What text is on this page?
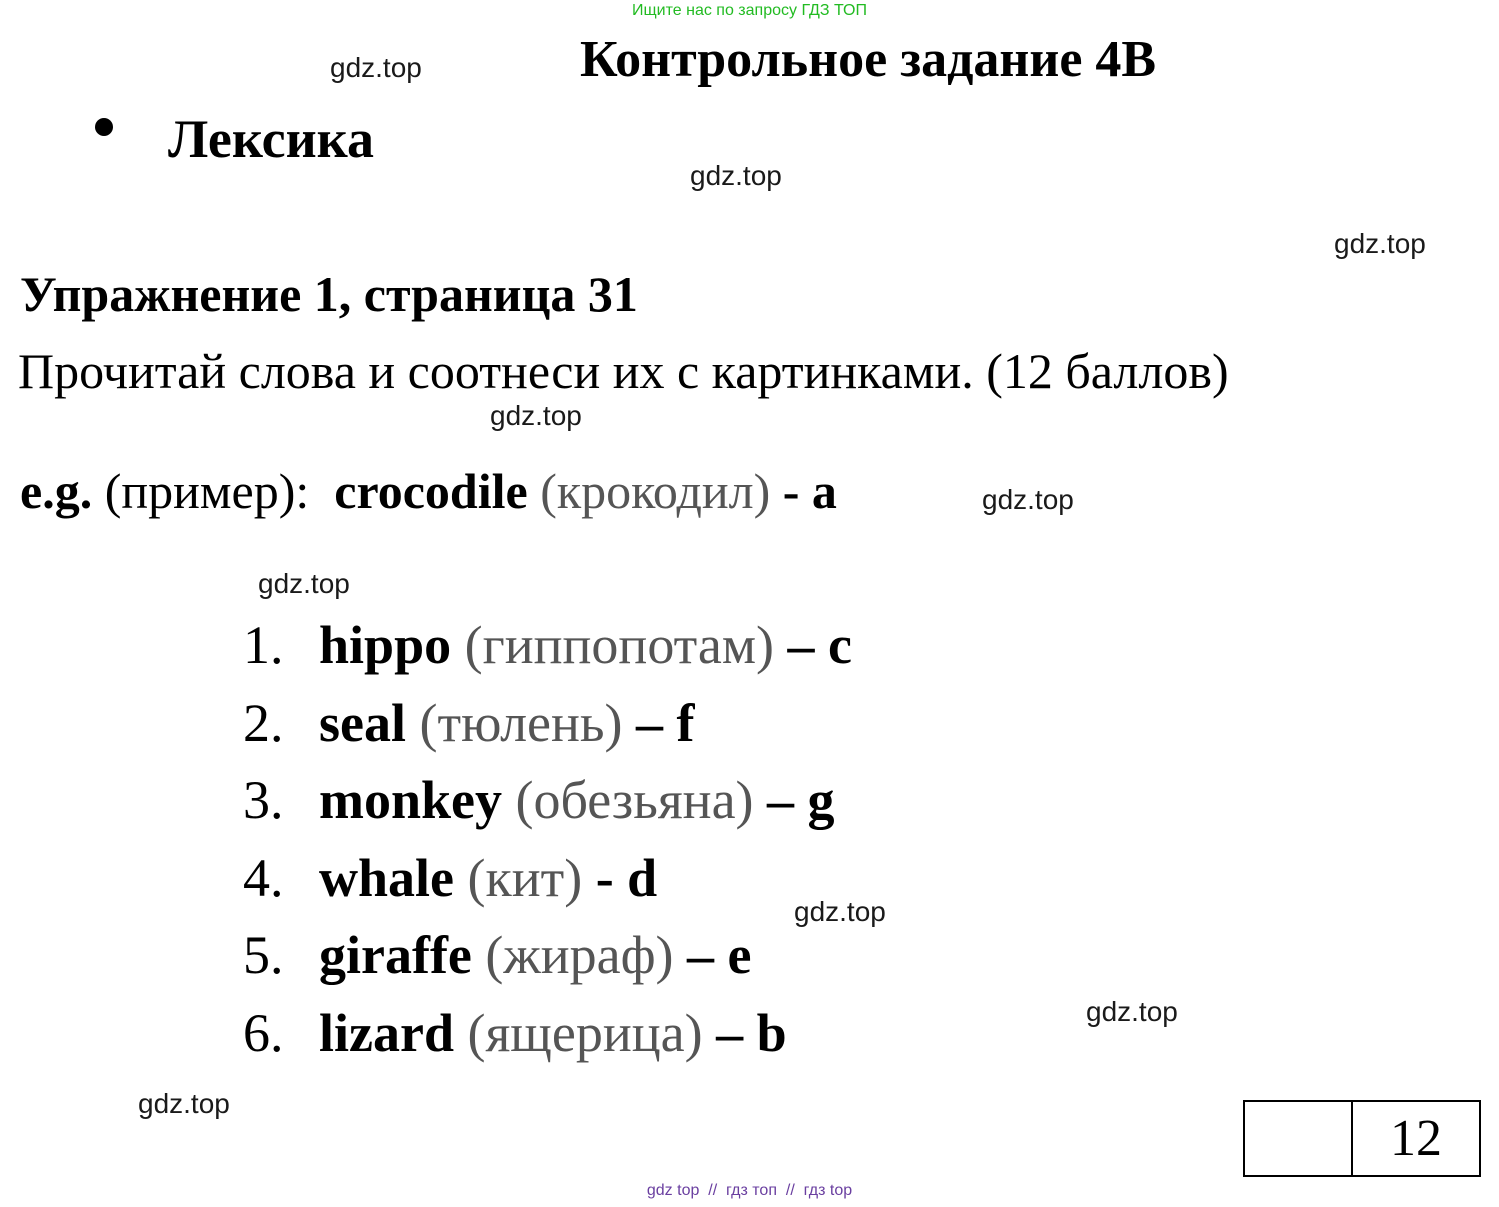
Ищите нас по запросу ГДЗ ТОП
gdz.top
gdz.top
gdz.top
gdz.top
gdz.top
gdz.top
gdz.top
gdz.top
gdz.top
Контрольное задание 4B
Лексика
Упражнение 1, страница 31
Прочитай слова и соотнеси их с картинками. (12 баллов)
e.g. (пример):  crocodile (крокодил) - a
1. hippo (гиппопотам) – c
2. seal (тюлень) – f
3. monkey (обезьяна) – g
4. whale (кит) - d
5. giraffe (жираф) – e
6. lizard (ящерица) – b
12
gdz top  //  гдз топ  //  гдз top
